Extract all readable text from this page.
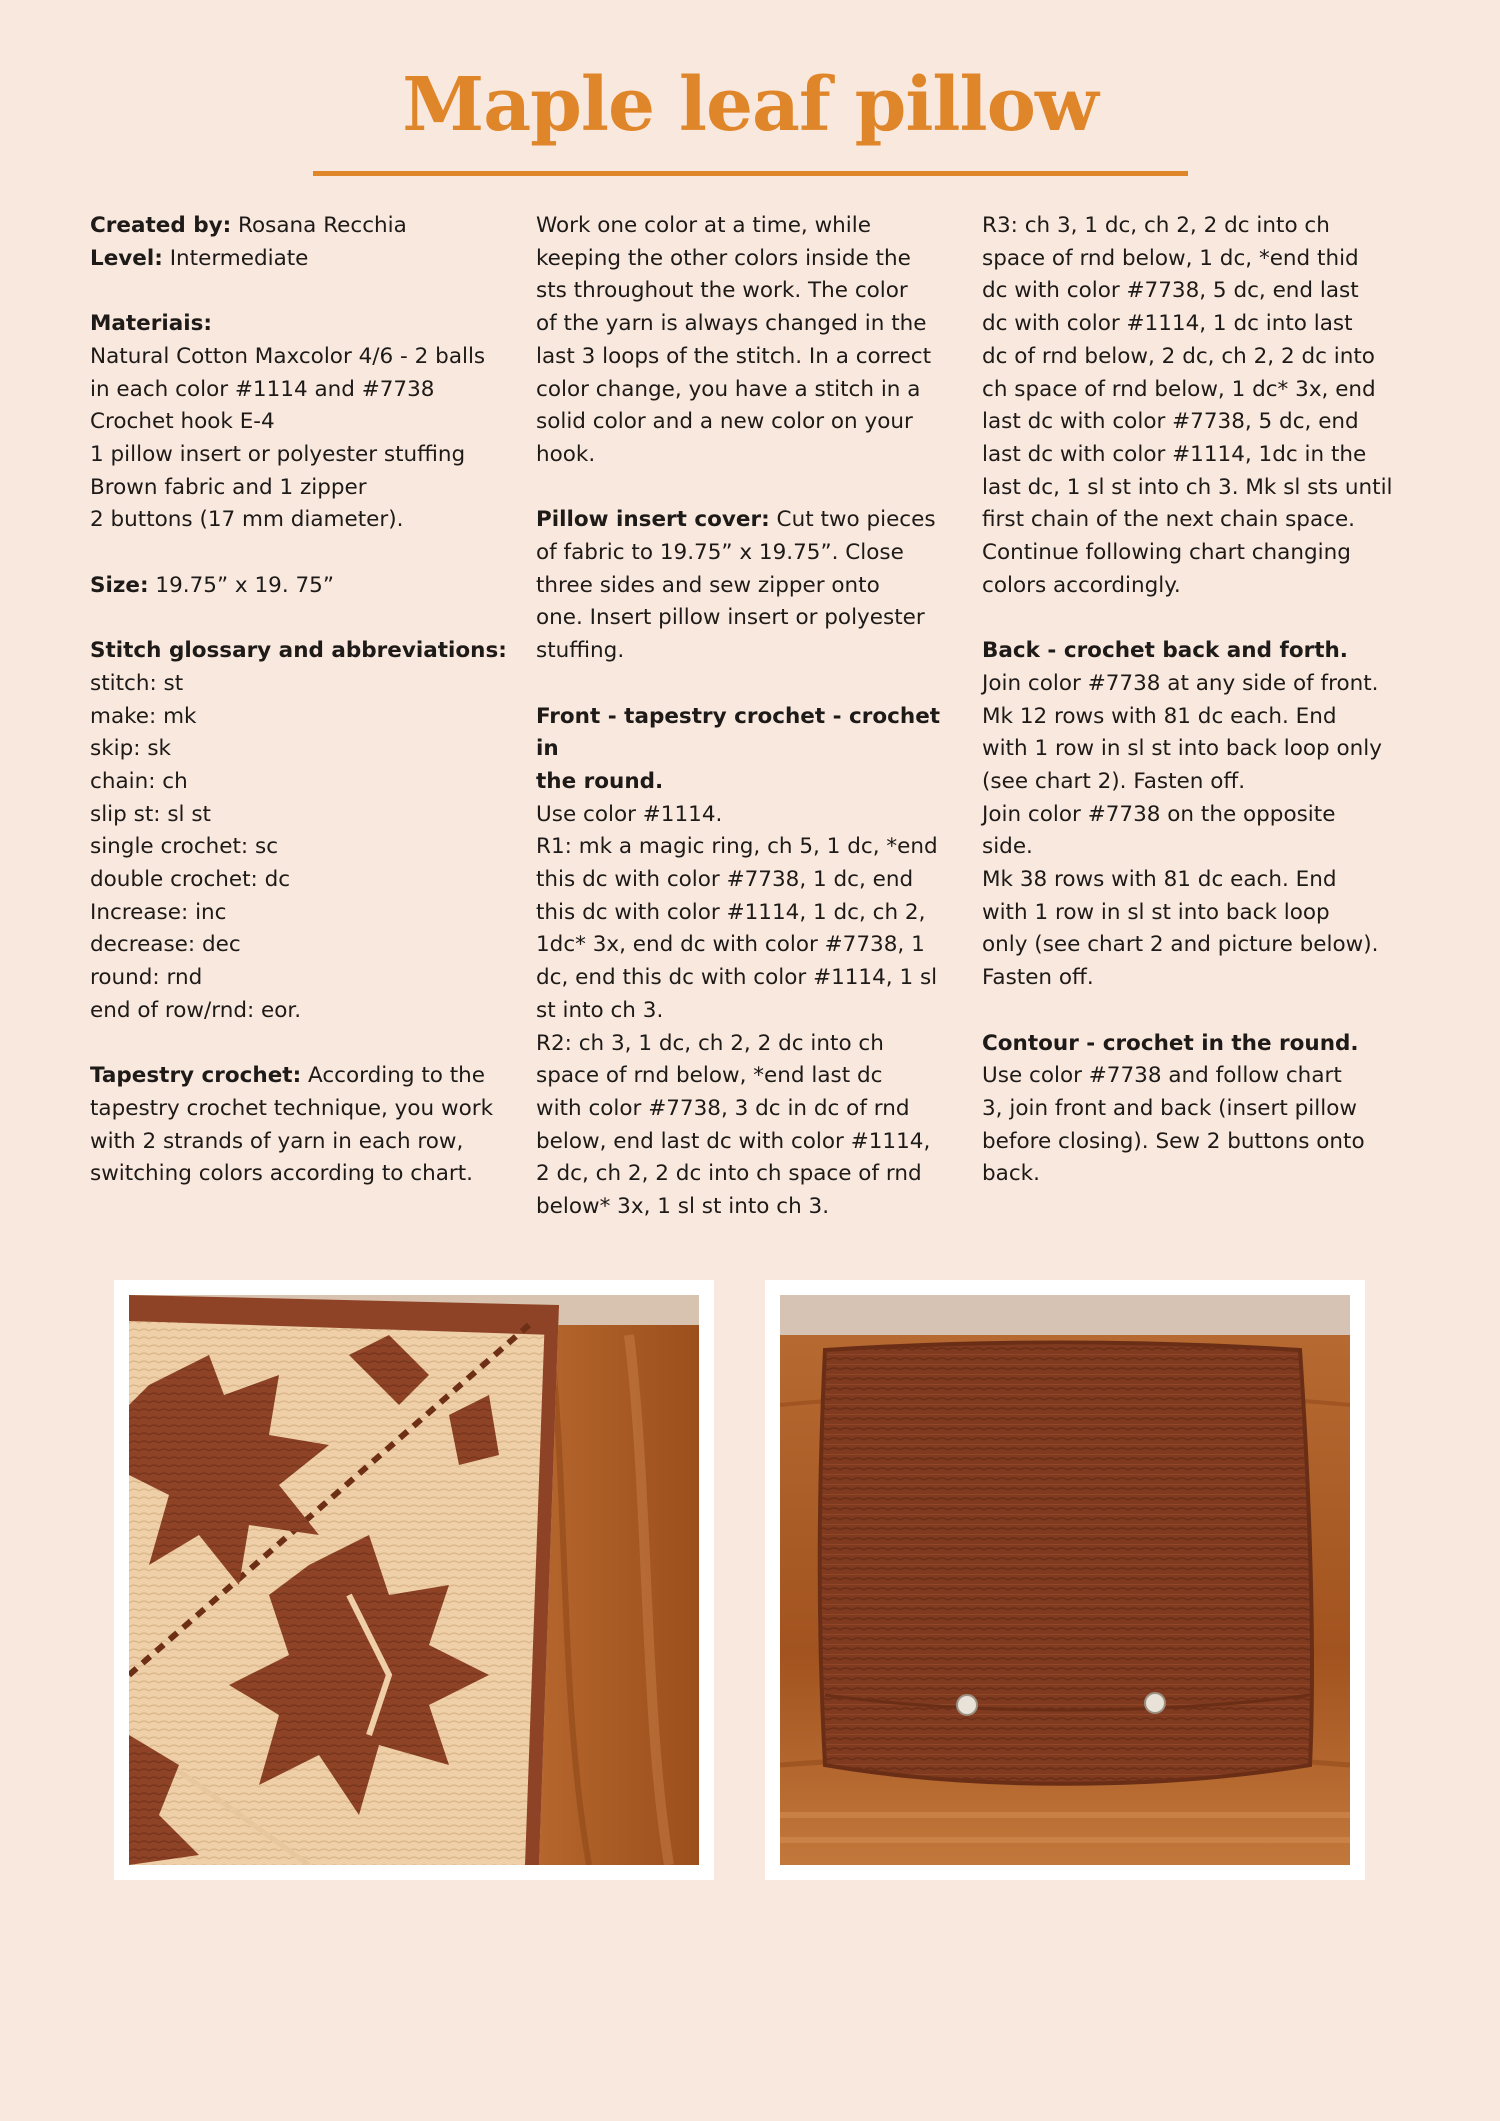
Maple leaf pillow

Created by: Rosana Recchia

Level: Intermediate

Materiais:

Natural Cotton Maxcolor 4/6 - 2 balls

in each color #1114 and #7738

Crochet hook E-4

1 pillow insert or polyester stuffing

Brown fabric and 1 zipper

2 buttons (17 mm diameter).

Size: 19.75” x 19. 75”

Stitch glossary and abbreviations:

stitch: st

make: mk

skip: sk

chain: ch

slip st: sl st

single crochet: sc

double crochet: dc

Increase: inc

decrease: dec

round: rnd

end of row/rnd: eor.

Tapestry crochet: According to the

tapestry crochet technique, you work

with 2 strands of yarn in each row,

switching colors according to chart.

Work one color at a time, while

keeping the other colors inside the

sts throughout the work. The color

of the yarn is always changed in the

last 3 loops of the stitch. In a correct

color change, you have a stitch in a

solid color and a new color on your

hook.

Pillow insert cover: Cut two pieces

of fabric to 19.75” x 19.75”. Close

three sides and sew zipper onto

one. Insert pillow insert or polyester

stuffing.

Front - tapestry crochet - crochet in

the round.

Use color #1114.

R1: mk a magic ring, ch 5, 1 dc, *end

this dc with color #7738, 1 dc, end

this dc with color #1114, 1 dc, ch 2,

1dc* 3x, end dc with color #7738, 1

dc, end this dc with color #1114, 1 sl

st into ch 3.

R2: ch 3, 1 dc, ch 2, 2 dc into ch

space of rnd below, *end last dc

with color #7738, 3 dc in dc of rnd

below, end last dc with color #1114,

2 dc, ch 2, 2 dc into ch space of rnd

below* 3x, 1 sl st into ch 3.

R3: ch 3, 1 dc, ch 2, 2 dc into ch

space of rnd below, 1 dc, *end thid

dc with color #7738, 5 dc, end last

dc with color #1114, 1 dc into last

dc of rnd below, 2 dc, ch 2, 2 dc into

ch space of rnd below, 1 dc* 3x, end

last dc with color #7738, 5 dc, end

last dc with color #1114, 1dc in the

last dc, 1 sl st into ch 3. Mk sl sts until

first chain of the next chain space.

Continue following chart changing

colors accordingly.

Back - crochet back and forth.

Join color #7738 at any side of front.

Mk 12 rows with 81 dc each. End

with 1 row in sl st into back loop only

(see chart 2). Fasten off.

Join color #7738 on the opposite

side.

Mk 38 rows with 81 dc each. End

with 1 row in sl st into back loop

only (see chart 2 and picture below).

Fasten off.

Contour - crochet in the round.

Use color #7738 and follow chart

3, join front and back (insert pillow

before closing). Sew 2 buttons onto

back.
